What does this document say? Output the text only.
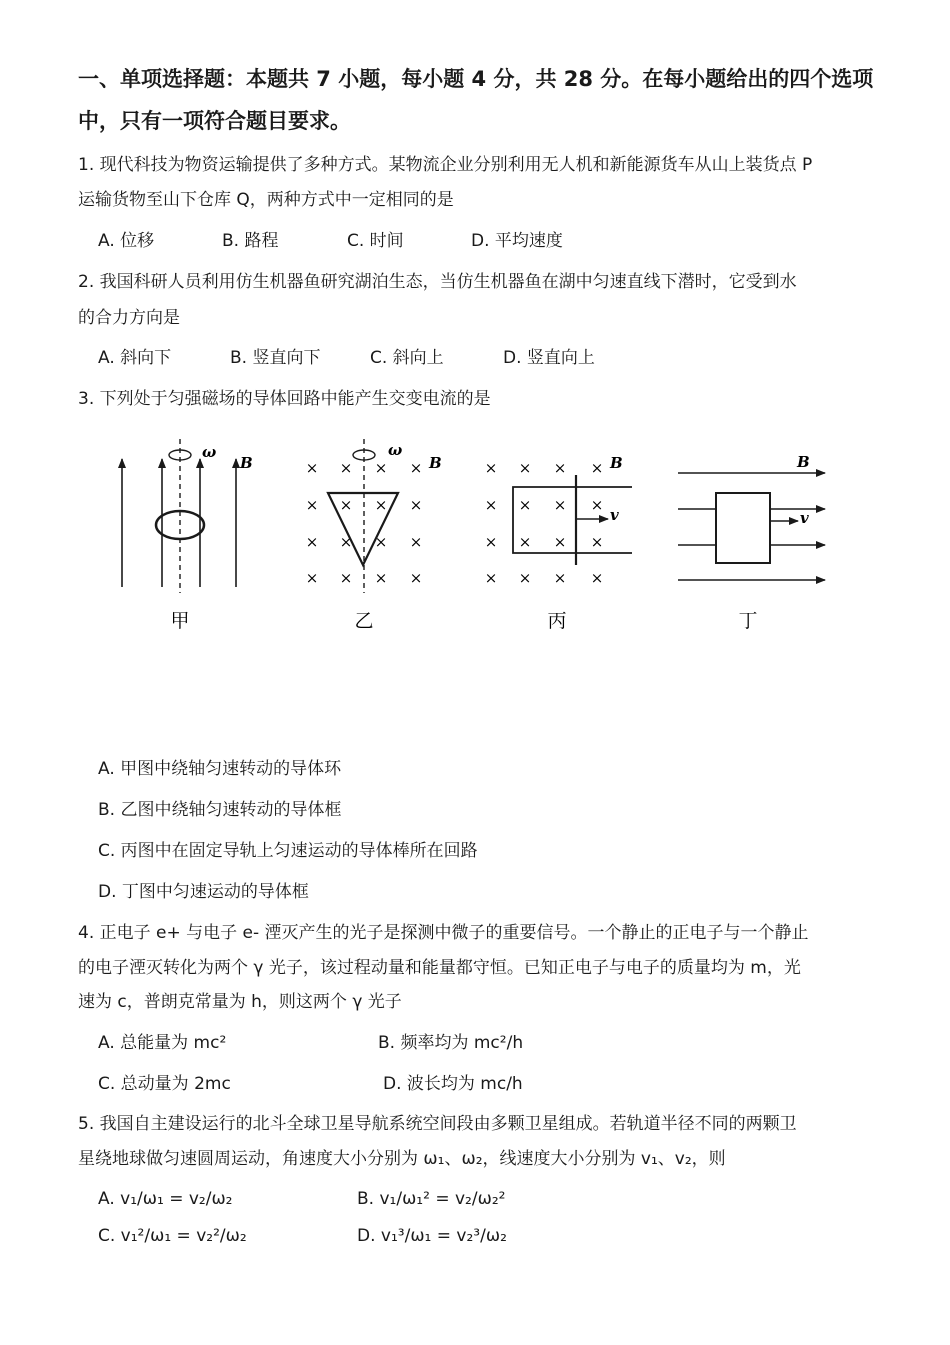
一、单项选择题：本题共 7 小题，每小题 4 分，共 28 分。在每小题给出的四个选项
中，只有一项符合题目要求。
1. 现代科技为物资运输提供了多种方式。某物流企业分别利用无人机和新能源货车从山上装货点 P
运输货物至山下仓库 Q，两种方式中一定相同的是
A. 位移	B. 路程	C. 时间	D. 平均速度
2. 我国科研人员利用仿生机器鱼研究湖泊生态，当仿生机器鱼在湖中匀速直线下潜时，它受到水
的合力方向是
A. 斜向下	B. 竖直向下	C. 斜向上	D. 竖直向上
3. 下列处于匀强磁场的导体回路中能产生交变电流的是
ω
B
甲
× × × ×
× × × ×
× × × ×
× × × ×
ω
B
乙
× × × ×
× × × ×
× × × ×
× × × ×
v
B
丙
v
B
丁
A. 甲图中绕轴匀速转动的导体环
B. 乙图中绕轴匀速转动的导体框
C. 丙图中在固定导轨上匀速运动的导体棒所在回路
D. 丁图中匀速运动的导体框
4. 正电子 e+ 与电子 e- 湮灭产生的光子是探测中微子的重要信号。一个静止的正电子与一个静止
的电子湮灭转化为两个 γ 光子，该过程动量和能量都守恒。已知正电子与电子的质量均为 m，光
速为 c，普朗克常量为 h，则这两个 γ 光子
A. 总能量为 mc²	B. 频率均为 mc²/h
C. 总动量为 2mc	D. 波长均为 mc/h
5. 我国自主建设运行的北斗全球卫星导航系统空间段由多颗卫星组成。若轨道半径不同的两颗卫
星绕地球做匀速圆周运动，角速度大小分别为 ω₁、ω₂，线速度大小分别为 v₁、v₂，则
A. v₁/ω₁ = v₂/ω₂	B. v₁/ω₁² = v₂/ω₂²
C. v₁²/ω₁ = v₂²/ω₂	D. v₁³/ω₁ = v₂³/ω₂
